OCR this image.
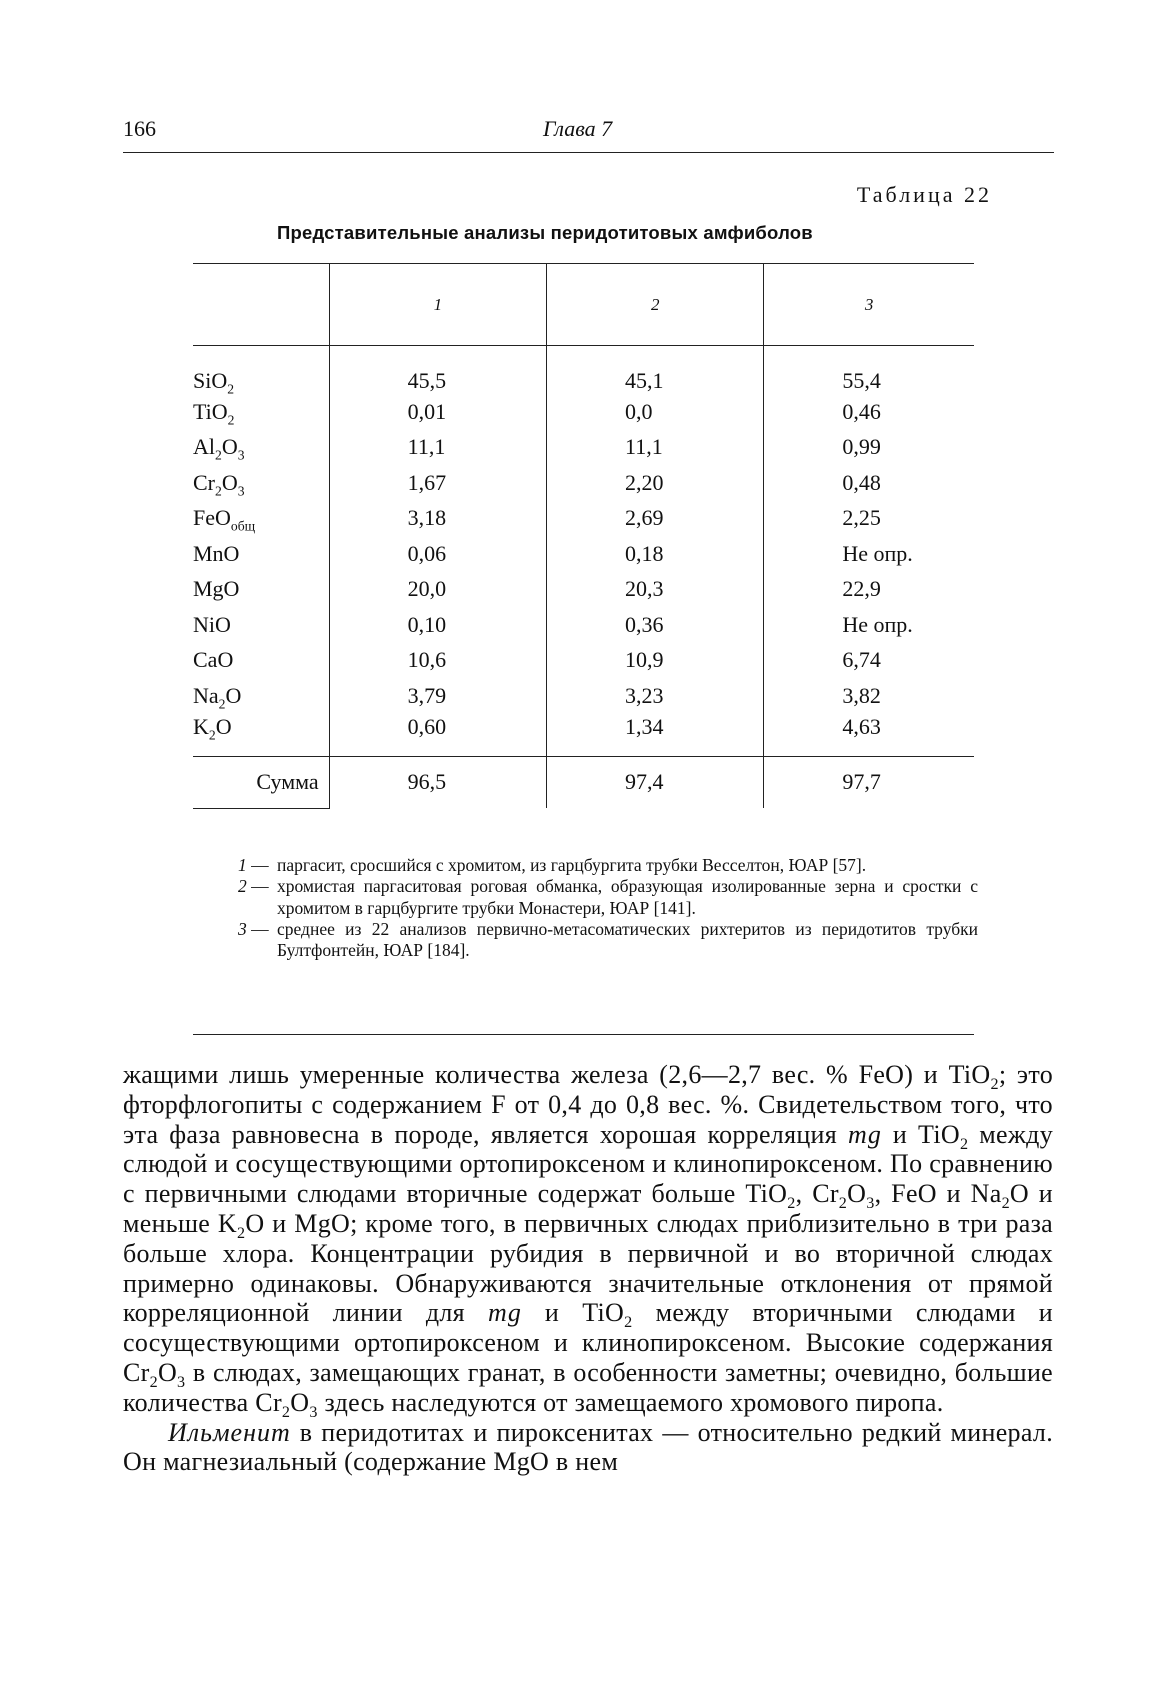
166	Глава 7
Таблица 22
Представительные анализы перидотитовых амфиболов
	1	2	3
SiO$_2$	45,5	45,1	55,4
TiO$_2$	0,01	0,0	0,46
$Al_2O_3$	11,1	11,1	0,99
$Cr_2O_3$	1,67	2,20	0,48
FeO$_{общ}$	3,18	2,69	2,25
MnO	0,06	0,18	Не опр.
MgO	20,0	20,3	22,9
NiO	0,10	0,36	Не опр.
CaO	10,6	10,9	6,74
$Na_2O$	3,79	3,23	3,82
$K_2O$	0,60	1,34	4,63
Сумма	96,5	97,4	97,7
1 — паргасит, сросшийся с хромитом, из гарцбургита трубки Весселтон, ЮАР [57].
2 — хромистая паргаситовая роговая обманка, образующая изолированные зерна и сростки с хромитом в гарцбургите трубки Монастери, ЮАР [141].
3 — среднее из 22 анализов первично-метасоматических рихтеритов из перидотитов трубки Бултфонтейн, ЮАР [184].

жащими лишь умеренные количества железа (2,6—2,7 вес. % FeO) и TiO$_2$; это фторфлогопиты с содержанием F от 0,4 до 0,8 вес. %. Свидетельством того, что эта фаза равновесна в породе, является хорошая корреляция mg и TiO$_2$ между слюдой и сосуществующими ортопироксеном и клинопироксеном. По сравнению с первичными слюдами вторичные содержат больше TiO$_2$, $Cr_2O_3$, FeO и $Na_2O$ и меньше $K_2O$ и MgO; кроме того, в первичных слюдах приблизительно в три раза больше хлора. Концентрации рубидия в первичной и во вторичной слюдах примерно одинаковы. Обнаруживаются значительные отклонения от прямой корреляционной линии для mg и TiO$_2$ между вторичными слюдами и сосуществующими ортопироксеном и клинопироксеном. Высокие содержания $Cr_2O_3$ в слюдах, замещающих гранат, в особенности заметны; очевидно, большие количества $Cr_2O_3$ здесь наследуются от замещаемого хромового пиропа.

Ильменит в перидотитах и пироксенитах — относительно редкий минерал. Он магнезиальный (содержание MgO в нем
